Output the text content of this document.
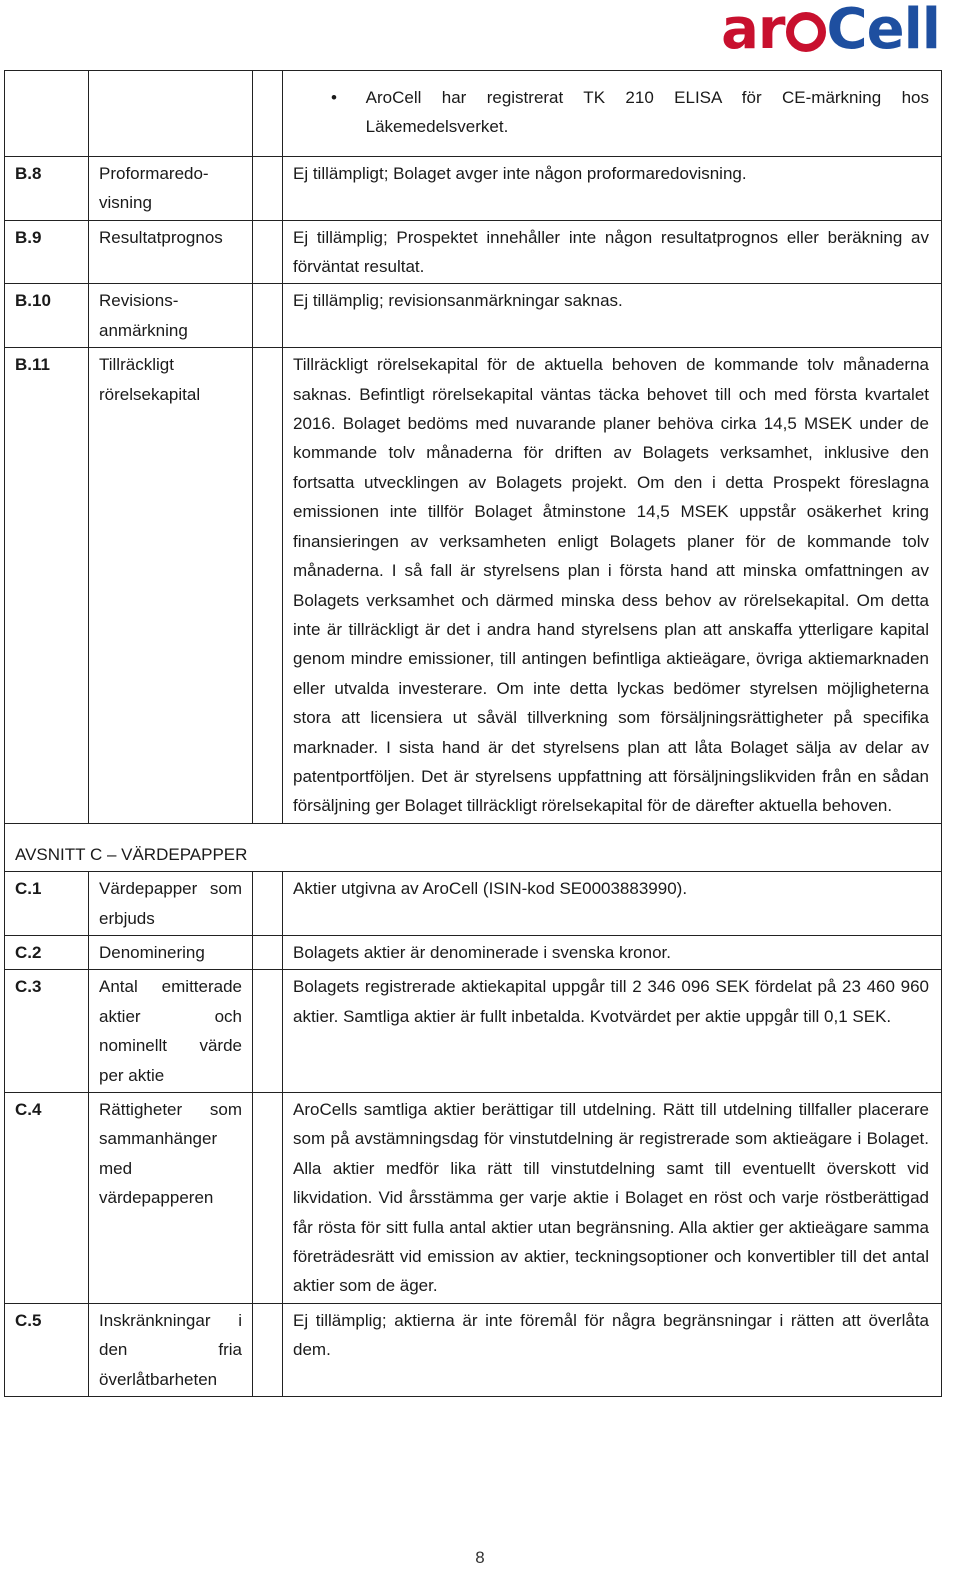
ar Cell

			• AroCell har registrerat TK 210 ELISA för CE-märkning hos Läkemedelsverket.

B.8	Proformaredo-visning		Ej tillämpligt; Bolaget avger inte någon proformaredovisning.
B.9	Resultatprognos		Ej tillämplig; Prospektet innehåller inte någon resultatprognos eller beräkning av förväntat resultat.
B.10	Revisions-anmärkning		Ej tillämplig; revisionsanmärkningar saknas.
B.11	Tillräckligt rörelsekapital		Tillräckligt rörelsekapital för de aktuella behoven de kommande tolv månaderna saknas. Befintligt rörelsekapital väntas täcka behovet till och med första kvartalet 2016. Bolaget bedöms med nuvarande planer behöva cirka 14,5 MSEK under de kommande tolv månaderna för driften av Bolagets verksamhet, inklusive den fortsatta utvecklingen av Bolagets projekt. Om den i detta Prospekt föreslagna emissionen inte tillför Bolaget åtminstone 14,5 MSEK uppstår osäkerhet kring finansieringen av verksamheten enligt Bolagets planer för de kommande tolv månaderna. I så fall är styrelsens plan i första hand att minska omfattningen av Bolagets verksamhet och därmed minska dess behov av rörelsekapital. Om detta inte är tillräckligt är det i andra hand styrelsens plan att anskaffa ytterligare kapital genom mindre emissioner, till antingen befintliga aktieägare, övriga aktiemarknaden eller utvalda investerare. Om inte detta lyckas bedömer styrelsen möjligheterna stora att licensiera ut såväl tillverkning som försäljningsrättigheter på specifika marknader. I sista hand är det styrelsens plan att låta Bolaget sälja av delar av patentportföljen. Det är styrelsens uppfattning att försäljningslikviden från en sådan försäljning ger Bolaget tillräckligt rörelsekapital för de därefter aktuella behoven.
AVSNITT C – VÄRDEPAPPER			
C.1	Värdepapper som erbjuds		Aktier utgivna av AroCell (ISIN-kod SE0003883990).
C.2	Denominering		Bolagets aktier är denominerade i svenska kronor.
C.3	Antal emitterade aktier och nominellt värde per aktie		Bolagets registrerade aktiekapital uppgår till 2 346 096 SEK fördelat på 23 460 960 aktier. Samtliga aktier är fullt inbetalda. Kvotvärdet per aktie uppgår till 0,1 SEK.
C.4	Rättigheter som sammanhänger med värdepapperen		AroCells samtliga aktier berättigar till utdelning. Rätt till utdelning tillfaller placerare som på avstämningsdag för vinstutdelning är registrerade som aktieägare i Bolaget. Alla aktier medför lika rätt till vinstutdelning samt till eventuellt överskott vid likvidation. Vid årsstämma ger varje aktie i Bolaget en röst och varje röstberättigad får rösta för sitt fulla antal aktier utan begränsning. Alla aktier ger aktieägare samma företrädesrätt vid emission av aktier, teckningsoptioner och konvertibler till det antal aktier som de äger.
C.5	Inskränkningar i den fria överlåtbarheten		Ej tillämplig; aktierna är inte föremål för några begränsningar i rätten att överlåta dem.
8
